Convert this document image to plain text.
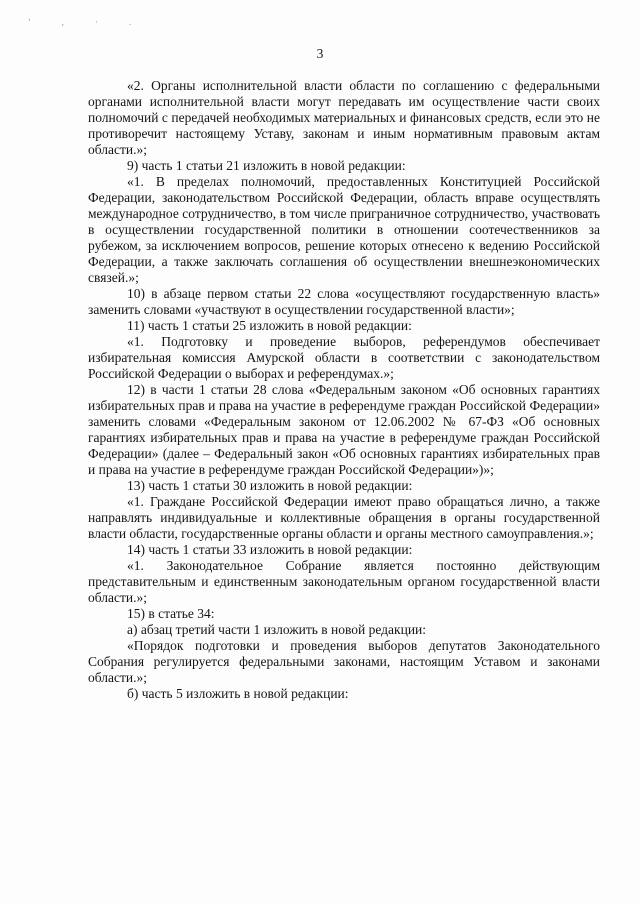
' , · .
3

«2. Органы исполнительной власти области по соглашению с федеральными органами исполнительной власти могут передавать им осуществление части своих полномочий с передачей необходимых материальных и финансовых средств, если это не противоречит настоящему Уставу, законам и иным нормативным правовым актам области.»;

9) часть 1 статьи 21 изложить в новой редакции:

«1. В пределах полномочий, предоставленных Конституцией Российской Федерации, законодательством Российской Федерации, область вправе осуществлять международное сотрудничество, в том числе приграничное сотрудничество, участвовать в осуществлении государственной политики в отношении соотечественников за рубежом, за исключением вопросов, решение которых отнесено к ведению Российской Федерации, а также заключать соглашения об осуществлении внешнеэкономических связей.»;

10) в абзаце первом статьи 22 слова «осуществляют государственную власть» заменить словами «участвуют в осуществлении государственной власти»;

11) часть 1 статьи 25 изложить в новой редакции:

«1. Подготовку и проведение выборов, референдумов обеспечивает избирательная комиссия Амурской области в соответствии с законодательством Российской Федерации о выборах и референдумах.»;

12) в части 1 статьи 28 слова «Федеральным законом «Об основных гарантиях избирательных прав и права на участие в референдуме граждан Российской Федерации» заменить словами «Федеральным законом от 12.06.2002 № 67-ФЗ «Об основных гарантиях избирательных прав и права на участие в референдуме граждан Российской Федерации» (далее – Федеральный закон «Об основных гарантиях избирательных прав и права на участие в референдуме граждан Российской Федерации»)»;

13) часть 1 статьи 30 изложить в новой редакции:

«1. Граждане Российской Федерации имеют право обращаться лично, а также направлять индивидуальные и коллективные обращения в органы государственной власти области, государственные органы области и органы местного самоуправления.»;

14) часть 1 статьи 33 изложить в новой редакции:

«1. Законодательное Собрание является постоянно действующим представительным и единственным законодательным органом государственной власти области.»;

15) в статье 34:

а) абзац третий части 1 изложить в новой редакции:

«Порядок подготовки и проведения выборов депутатов Законодательного Собрания регулируется федеральными законами, настоящим Уставом и законами области.»;

б) часть 5 изложить в новой редакции:
